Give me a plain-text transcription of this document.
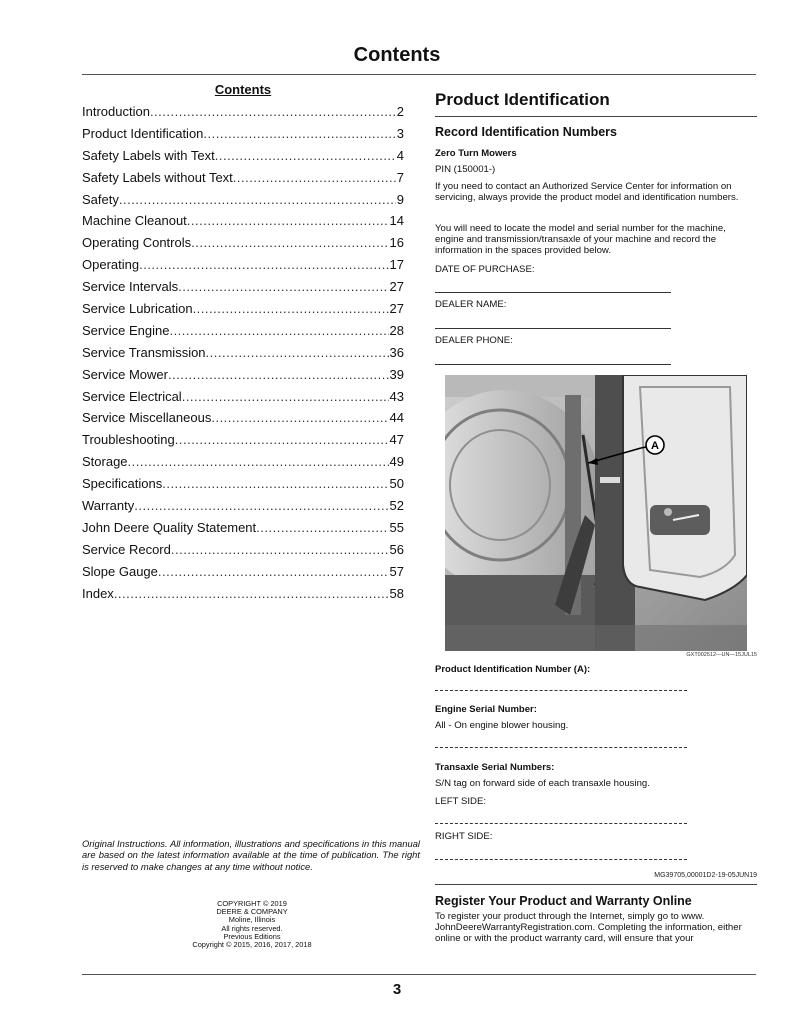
Contents
Contents
Introduction .....	2
Product Identification .....	3
Safety Labels with Text .....	4
Safety Labels without Text .....	7
Safety .....	9
Machine Cleanout .....	14
Operating Controls .....	16
Operating .....	17
Service Intervals .....	27
Service Lubrication .....	27
Service Engine .....	28
Service Transmission .....	36
Service Mower .....	39
Service Electrical .....	43
Service Miscellaneous .....	44
Troubleshooting .....	47
Storage .....	49
Specifications .....	50
Warranty .....	52
John Deere Quality Statement .....	55
Service Record .....	56
Slope Gauge .....	57
Index .....	58

Original Instructions. All information, illustrations and specifications in this manual are based on the latest information available at the time of publication. The right is reserved to make changes at any time without notice.

COPYRIGHT © 2019
DEERE & COMPANY
Moline, Illinois
All rights reserved.
Previous Editions
Copyright © 2015, 2016, 2017, 2018
Product Identification
Record Identification Numbers
Zero Turn Mowers
PIN (150001-)

If you need to contact an Authorized Service Center for information on servicing, always provide the product model and identification numbers.

You will need to locate the model and serial number for the machine, engine and transmission/transaxle of your machine and record the information in the spaces provided below.

DATE OF PURCHASE:
DEALER NAME:
DEALER PHONE:
A
GXT002512—UN—15JUL15
Product Identification Number (A):
Engine Serial Number:
All - On engine blower housing.
Transaxle Serial Numbers:
S/N tag on forward side of each transaxle housing.
LEFT SIDE:
RIGHT SIDE:
MG39705,00001D2-19-05JUN19
Register Your Product and Warranty Online

To register your product through the Internet, simply go to www. JohnDeereWarrantyRegistration.com. Completing the information, either online or with the product warranty card, will ensure that your

3
